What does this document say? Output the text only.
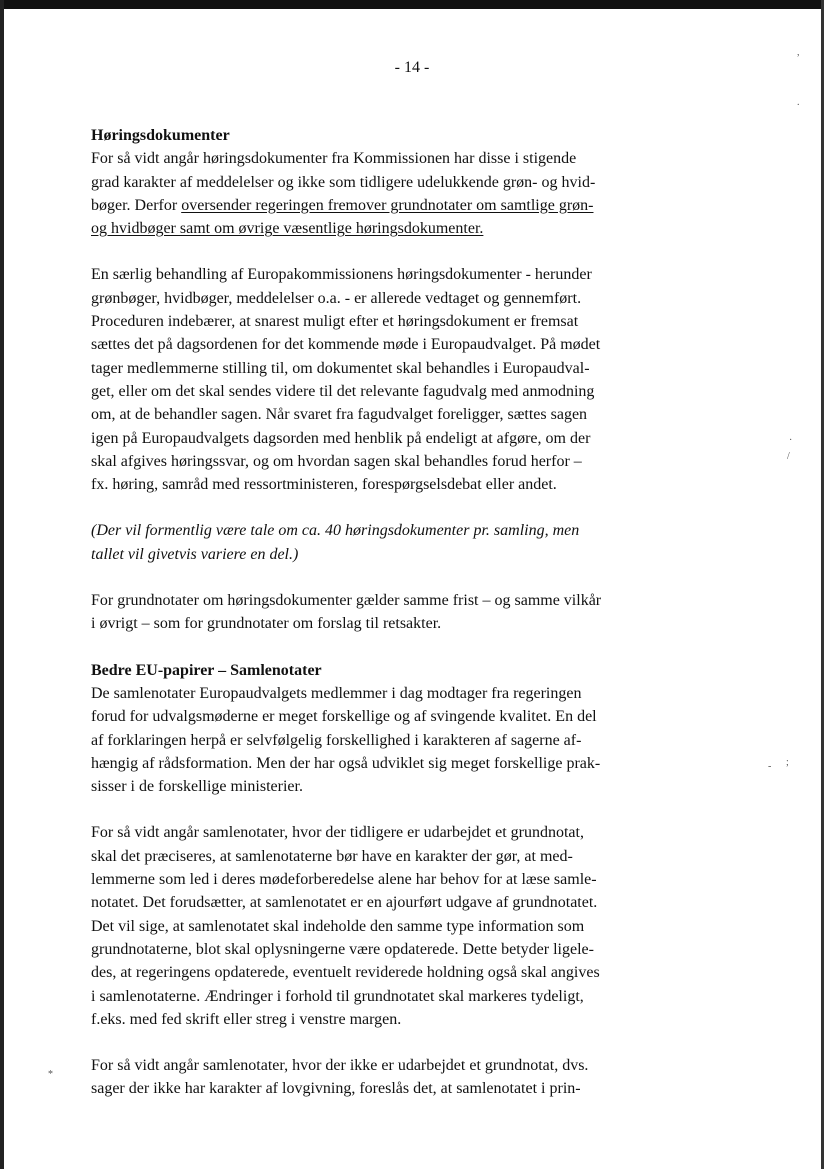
,
.
·
/
- ;
*
- 14 -
Høringsdokumenter
For så vidt angår høringsdokumenter fra Kommissionen har disse i stigende
grad karakter af meddelelser og ikke som tidligere udelukkende grøn- og hvid-
bøger. Derfor oversender regeringen fremover grundnotater om samtlige grøn-
og hvidbøger samt om øvrige væsentlige høringsdokumenter.
En særlig behandling af Europakommissionens høringsdokumenter - herunder
grønbøger, hvidbøger, meddelelser o.a. - er allerede vedtaget og gennemført.
Proceduren indebærer, at snarest muligt efter et høringsdokument er fremsat
sættes det på dagsordenen for det kommende møde i Europaudvalget. På mødet
tager medlemmerne stilling til, om dokumentet skal behandles i Europaudval-
get, eller om det skal sendes videre til det relevante fagudvalg med anmodning
om, at de behandler sagen. Når svaret fra fagudvalget foreligger, sættes sagen
igen på Europaudvalgets dagsorden med henblik på endeligt at afgøre, om der
skal afgives høringssvar, og om hvordan sagen skal behandles forud herfor –
fx. høring, samråd med ressortministeren, forespørgselsdebat eller andet.
(Der vil formentlig være tale om ca. 40 høringsdokumenter pr. samling, men
tallet vil givetvis variere en del.)
For grundnotater om høringsdokumenter gælder samme frist – og samme vilkår
i øvrigt – som for grundnotater om forslag til retsakter.
Bedre EU-papirer – Samlenotater
De samlenotater Europaudvalgets medlemmer i dag modtager fra regeringen
forud for udvalgsmøderne er meget forskellige og af svingende kvalitet. En del
af forklaringen herpå er selvfølgelig forskellighed i karakteren af sagerne af-
hængig af rådsformation. Men der har også udviklet sig meget forskellige prak-
sisser i de forskellige ministerier.
For så vidt angår samlenotater, hvor der tidligere er udarbejdet et grundnotat,
skal det præciseres, at samlenotaterne bør have en karakter der gør, at med-
lemmerne som led i deres mødeforberedelse alene har behov for at læse samle-
notatet. Det forudsætter, at samlenotatet er en ajourført udgave af grundnotatet.
Det vil sige, at samlenotatet skal indeholde den samme type information som
grundnotaterne, blot skal oplysningerne være opdaterede. Dette betyder ligele-
des, at regeringens opdaterede, eventuelt reviderede holdning også skal angives
i samlenotaterne. Ændringer i forhold til grundnotatet skal markeres tydeligt,
f.eks. med fed skrift eller streg i venstre margen.
For så vidt angår samlenotater, hvor der ikke er udarbejdet et grundnotat, dvs.
sager der ikke har karakter af lovgivning, foreslås det, at samlenotatet i prin-
